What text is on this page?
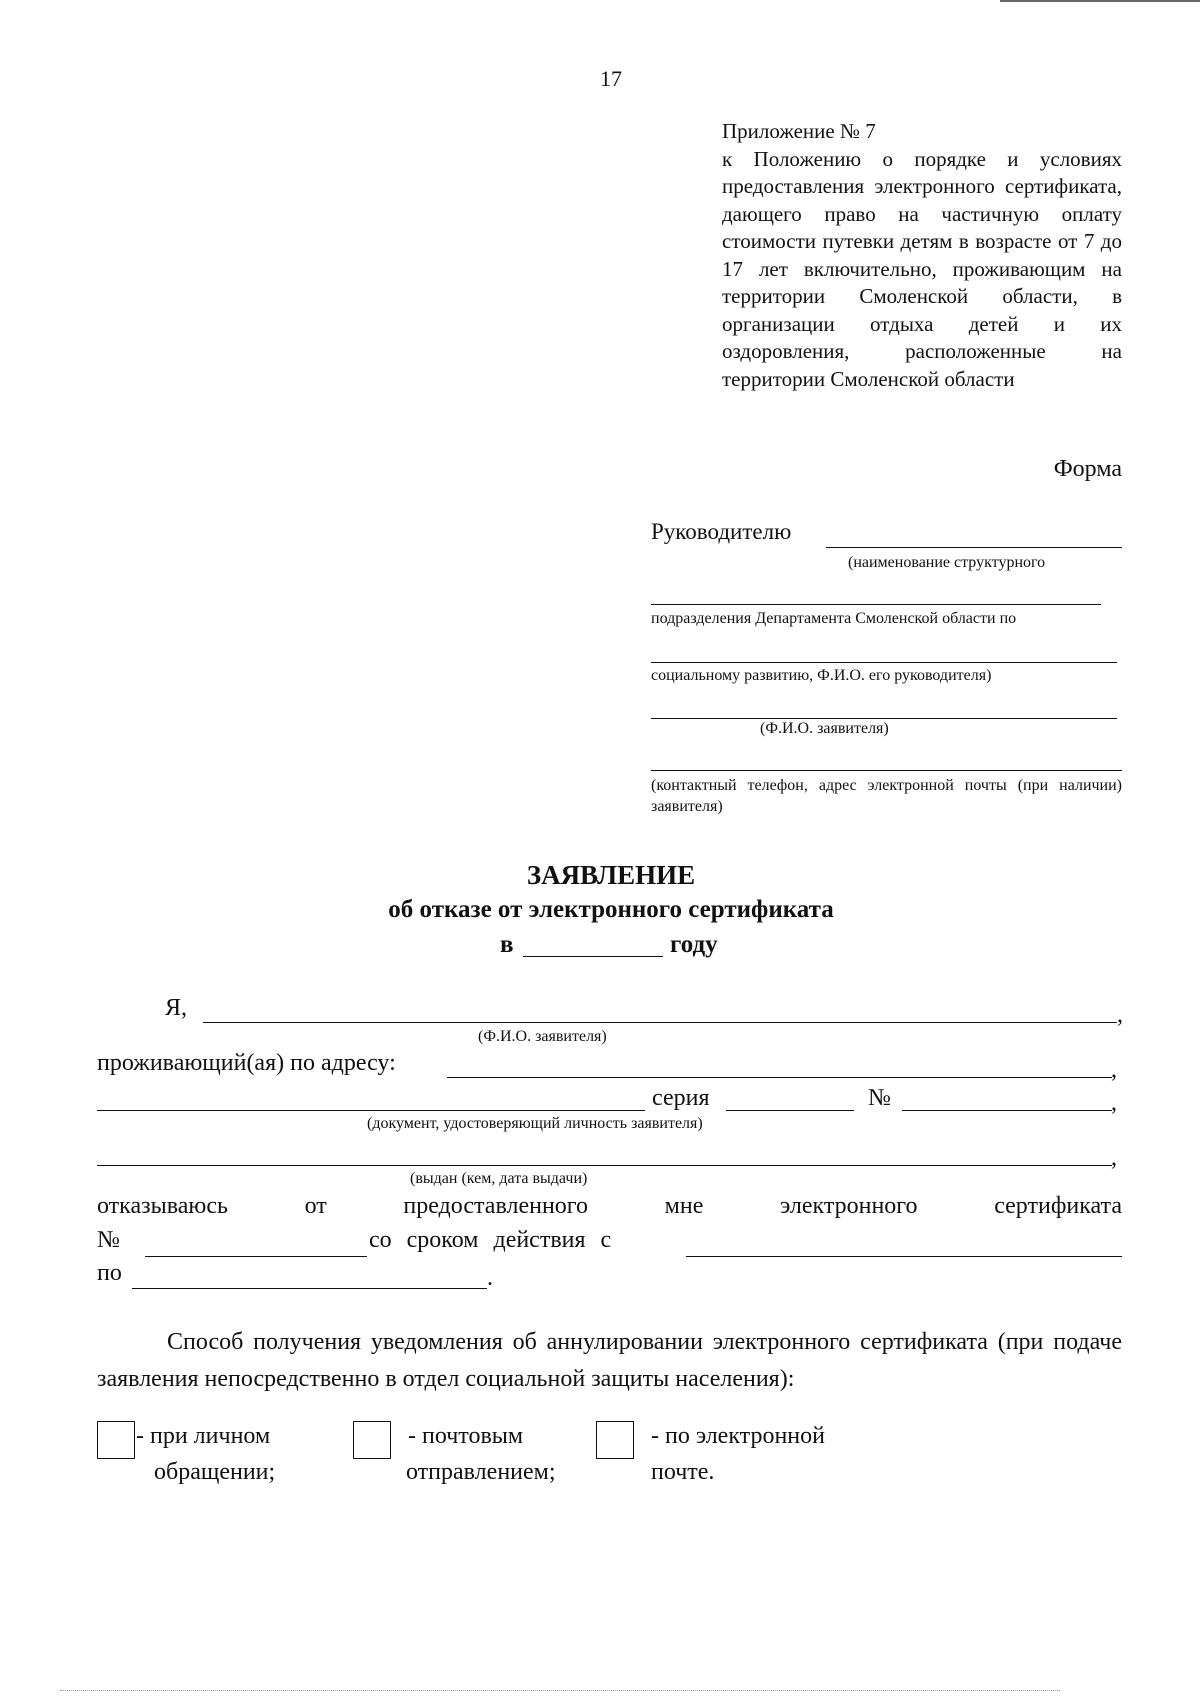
17
Приложение № 7
к Положению о порядке и условиях предоставления электронного сертификата, дающего право на частичную оплату стоимости путевки детям в возрасте от 7 до 17 лет включительно, проживающим на территории Смоленской области, в организации отдыха детей и их оздоровления, расположенные на территории Смоленской области
Форма
Руководителю
(наименование структурного
подразделения Департамента Смоленской области по
социальному развитию, Ф.И.О. его руководителя)
(Ф.И.О. заявителя)
(контактный телефон, адрес электронной почты (при наличии) заявителя)
ЗАЯВЛЕНИЕ
об отказе от электронного сертификата
в	году
Я,	,
(Ф.И.О. заявителя)
проживающий(ая) по адресу:	,
серия	№	,
(документ, удостоверяющий личность заявителя)
,
(выдан (кем, дата выдачи)
отказываюсь	от	предоставленного	мне	электронного	сертификата
№	со сроком действия с
по	.
Способ получения уведомления об аннулировании электронного сертификата (при подаче заявления непосредственно в отдел социальной защиты населения):
- при личном
обращении;
- почтовым
отправлением;
- по электронной
почте.
